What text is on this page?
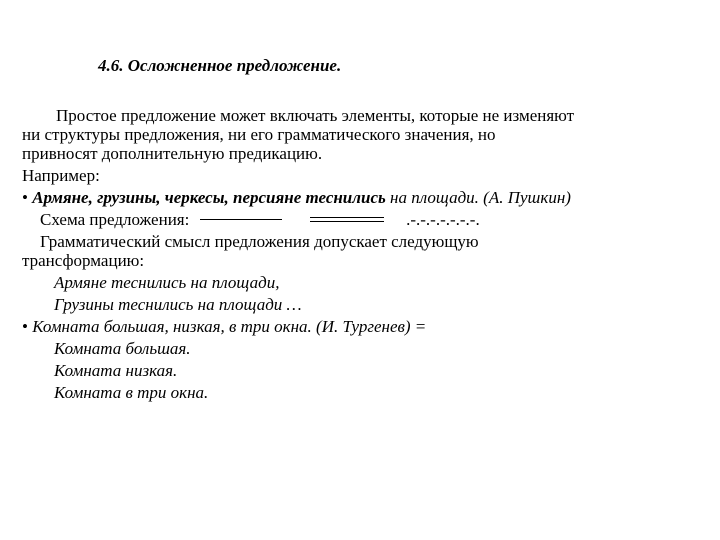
4.6. Осложненное предложение.

Простое предложение может включать элементы, которые не изменяют

ни структуры предложения, ни его грамматического значения, но

привносят дополнительную предикацию.

Например:

• Армяне, грузины, черкесы, персияне теснились на площади. (А. Пушкин)

Схема предложения:	.-.-.-.-.-.-.-.

Грамматический смысл предложения допускает следующую

трансформацию:

Армяне теснились на площади,

Грузины теснились на площади …

• Комната большая, низкая, в три окна. (И. Тургенев) =

Комната большая.

Комната низкая.

Комната в три окна.
